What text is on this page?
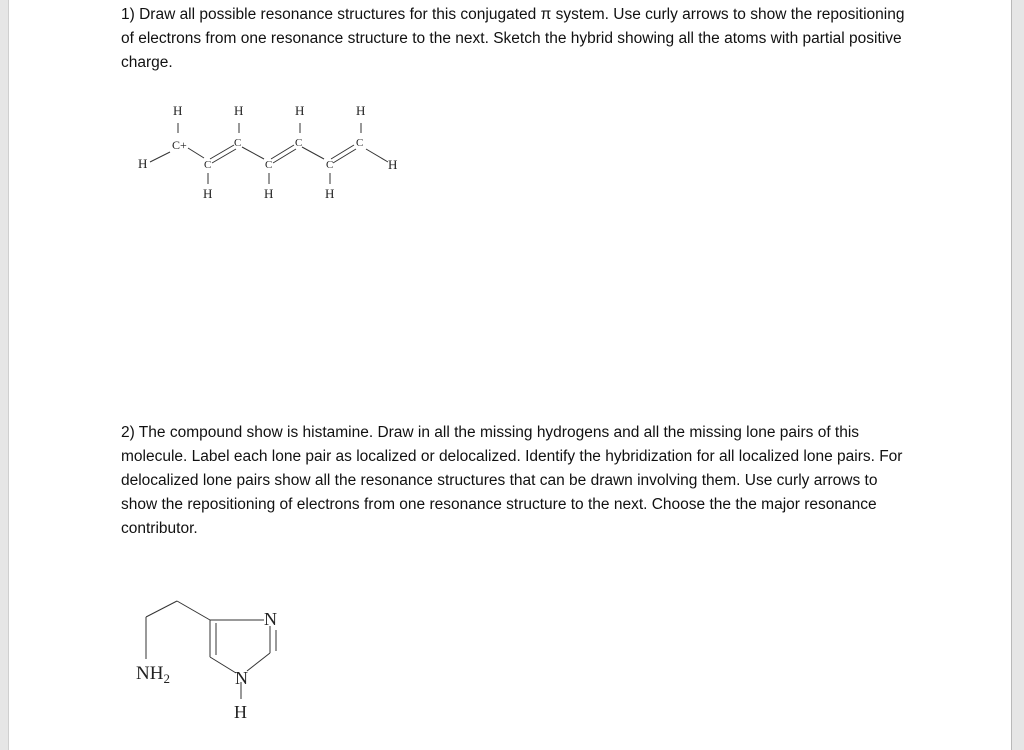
1) Draw all possible resonance structures for this conjugated π system. Use curly arrows to show the repositioning of electrons from one resonance structure to the next. Sketch the hybrid showing all the atoms with partial positive charge.

H	H	H	H
H
C+
C
C
C
C
C
C
H
H	H	H

2) The compound show is histamine. Draw in all the missing hydrogens and all the missing lone pairs of this molecule. Label each lone pair as localized or delocalized. Identify the hybridization for all localized lone pairs. For delocalized lone pairs show all the resonance structures that can be drawn involving them. Use curly arrows to show the repositioning of electrons from one resonance structure to the next. Choose the the major resonance contributor.

$NH_2$
N
N
H
